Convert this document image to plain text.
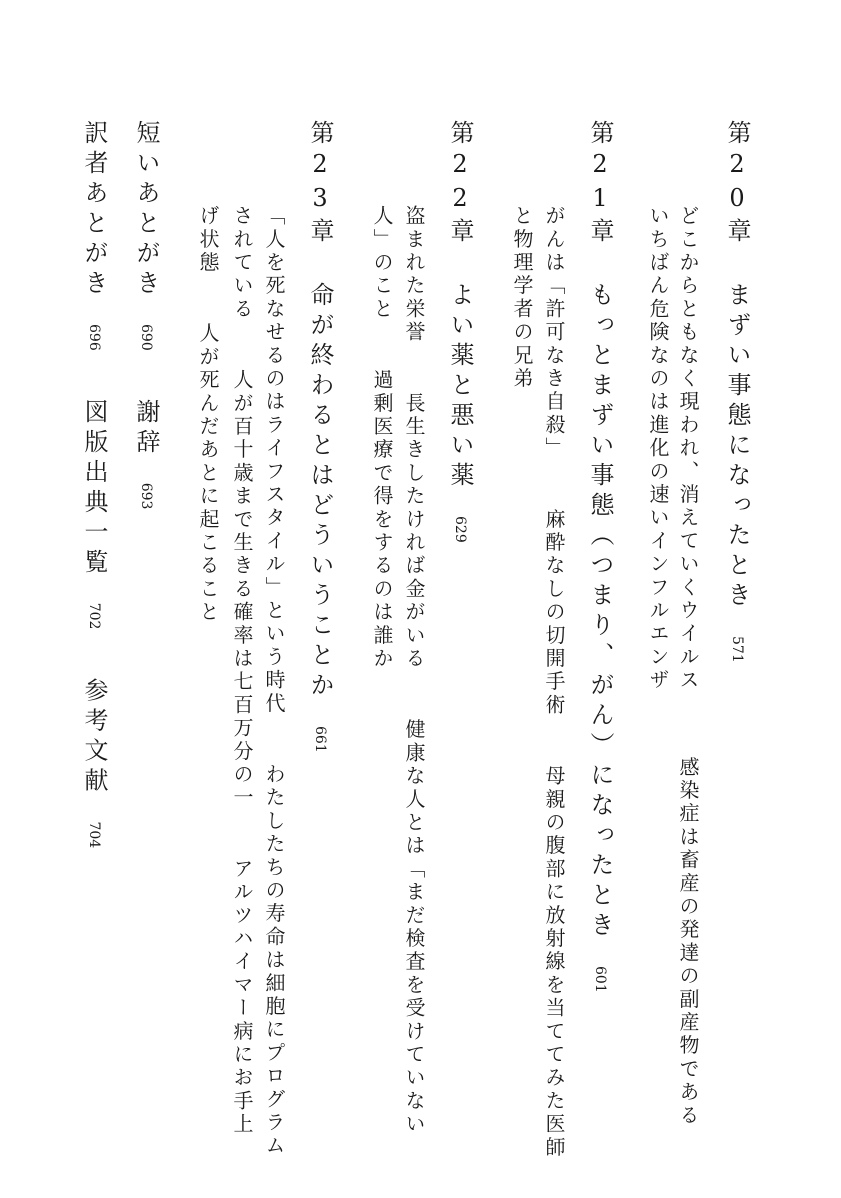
第20章まずい事態になったとき571
どこからともなく現われ、消えていくウイルス感染症は畜産の発達の副産物である
いちばん危険なのは進化の速いインフルエンザ
第21章もっとまずい事態（つまり、がん）になったとき601
がんは「許可なき自殺」麻酔なしの切開手術母親の腹部に放射線を当ててみた医師
と物理学者の兄弟
第22章よい薬と悪い薬629
盗まれた栄誉長生きしたければ金がいる健康な人とは「まだ検査を受けていない
人」のこと過剰医療で得をするのは誰か
第23章命が終わるとはどういうことか661
「人を死なせるのはライフスタイル」という時代わたしたちの寿命は細胞にプログラム
されている人が百十歳まで生きる確率は七百万分の一アルツハイマー病にお手上
げ状態人が死んだあとに起こること
短いあとがき690謝辞693
訳者あとがき696図版出典一覧702参考文献704
